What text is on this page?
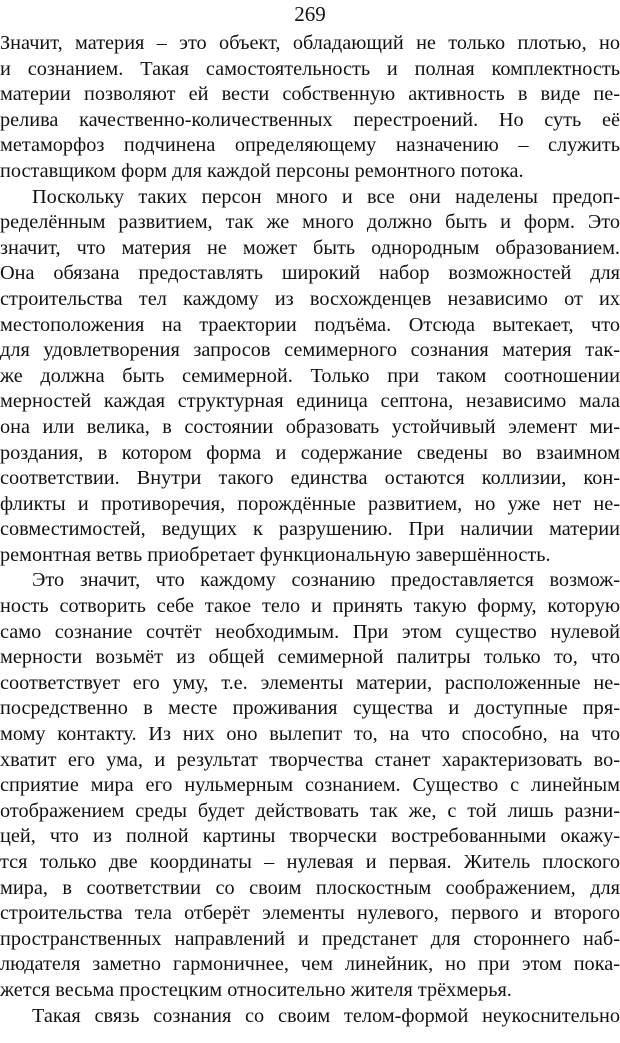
269
Значит, материя – это объект, обладающий не только плотью, но
и сознанием. Такая самостоятельность и полная комплектность
материи позволяют ей вести собственную активность в виде пе-
релива качественно-количественных перестроений. Но суть её
метаморфоз подчинена определяющему назначению – служить
поставщиком форм для каждой персоны ремонтного потока.
Поскольку таких персон много и все они наделены предоп-
ределённым развитием, так же много должно быть и форм. Это
значит, что материя не может быть однородным образованием.
Она обязана предоставлять широкий набор возможностей для
строительства тел каждому из восхожденцев независимо от их
местоположения на траектории подъёма. Отсюда вытекает, что
для удовлетворения запросов семимерного сознания материя так-
же должна быть семимерной. Только при таком соотношении
мерностей каждая структурная единица септона, независимо мала
она или велика, в состоянии образовать устойчивый элемент ми-
роздания, в котором форма и содержание сведены во взаимном
соответствии. Внутри такого единства остаются коллизии, кон-
фликты и противоречия, порождённые развитием, но уже нет не-
совместимостей, ведущих к разрушению. При наличии материи
ремонтная ветвь приобретает функциональную завершённость.
Это значит, что каждому сознанию предоставляется возмож-
ность сотворить себе такое тело и принять такую форму, которую
само сознание сочтёт необходимым. При этом существо нулевой
мерности возьмёт из общей семимерной палитры только то, что
соответствует его уму, т.е. элементы материи, расположенные не-
посредственно в месте проживания существа и доступные пря-
мому контакту. Из них оно вылепит то, на что способно, на что
хватит его ума, и результат творчества станет характеризовать во-
сприятие мира его нульмерным сознанием. Существо с линейным
отображением среды будет действовать так же, с той лишь разни-
цей, что из полной картины творчески востребованными окажу-
тся только две координаты – нулевая и первая. Житель плоского
мира, в соответствии со своим плоскостным соображением, для
строительства тела отберёт элементы нулевого, первого и второго
пространственных направлений и предстанет для стороннего наб-
людателя заметно гармоничнее, чем линейник, но при этом пока-
жется весьма простецким относительно жителя трёхмерья.
Такая связь сознания со своим телом-формой неукоснительно
